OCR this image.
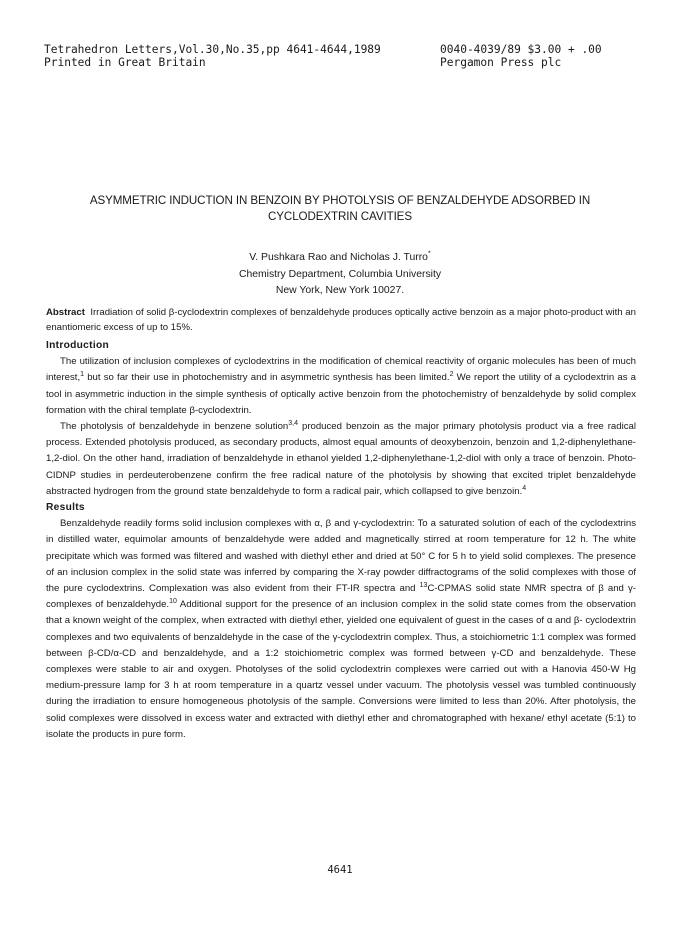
Tetrahedron Letters,Vol.30,No.35,pp 4641-4644,1989
Printed in Great Britain
0040-4039/89 $3.00 + .00
Pergamon Press plc
ASYMMETRIC INDUCTION IN BENZOIN BY PHOTOLYSIS OF BENZALDEHYDE ADSORBED IN
CYCLODEXTRIN CAVITIES
V. Pushkara Rao and Nicholas J. Turro*
Chemistry Department, Columbia University
New York, New York 10027.

Abstract Irradiation of solid β-cyclodextrin complexes of benzaldehyde produces optically active benzoin as a major photo-product with an enantiomeric excess of up to 15%.

Introduction

The utilization of inclusion complexes of cyclodextrins in the modification of chemical reactivity of organic molecules has been of much interest,$^1$ but so far their use in photochemistry and in asymmetric synthesis has been limited.$^2$ We report the utility of a cyclodextrin as a tool in asymmetric induction in the simple synthesis of optically active benzoin from the photochemistry of benzaldehyde by solid complex formation with the chiral template β-cyclodextrin.

The photolysis of benzaldehyde in benzene solution$^{3,4}$ produced benzoin as the major primary photolysis product via a free radical process. Extended photolysis produced, as secondary products, almost equal amounts of deoxybenzoin, benzoin and 1,2-diphenylethane-1,2-diol. On the other hand, irradiation of benzaldehyde in ethanol yielded 1,2-diphenylethane-1,2-diol with only a trace of benzoin. Photo-CIDNP studies in perdeuterobenzene confirm the free radical nature of the photolysis by showing that excited triplet benzaldehyde abstracted hydrogen from the ground state benzaldehyde to form a radical pair, which collapsed to give benzoin.$^4$

Results

Benzaldehyde readily forms solid inclusion complexes with α, β and γ-cyclodextrin: To a saturated solution of each of the cyclodextrins in distilled water, equimolar amounts of benzaldehyde were added and magnetically stirred at room temperature for 12 h. The white precipitate which was formed was filtered and washed with diethyl ether and dried at 50° C for 5 h to yield solid complexes. The presence of an inclusion complex in the solid state was inferred by comparing the X-ray powder diffractograms of the solid complexes with those of the pure cyclodextrins. Complexation was also evident from their FT-IR spectra and $^{13}$C-CPMAS solid state NMR spectra of β and γ-complexes of benzaldehyde.$^{10}$ Additional support for the presence of an inclusion complex in the solid state comes from the observation that a known weight of the complex, when extracted with diethyl ether, yielded one equivalent of guest in the cases of α and β- cyclodextrin complexes and two equivalents of benzaldehyde in the case of the γ-cyclodextrin complex. Thus, a stoichiometric 1:1 complex was formed between β-CD/α-CD and benzaldehyde, and a 1:2 stoichiometric complex was formed between γ-CD and benzaldehyde. These complexes were stable to air and oxygen. Photolyses of the solid cyclodextrin complexes were carried out with a Hanovia 450-W Hg medium-pressure lamp for 3 h at room temperature in a quartz vessel under vacuum. The photolysis vessel was tumbled continuously during the irradiation to ensure homogeneous photolysis of the sample. Conversions were limited to less than 20%. After photolysis, the solid complexes were dissolved in excess water and extracted with diethyl ether and chromatographed with hexane/ ethyl acetate (5:1) to isolate the products in pure form.

4641
